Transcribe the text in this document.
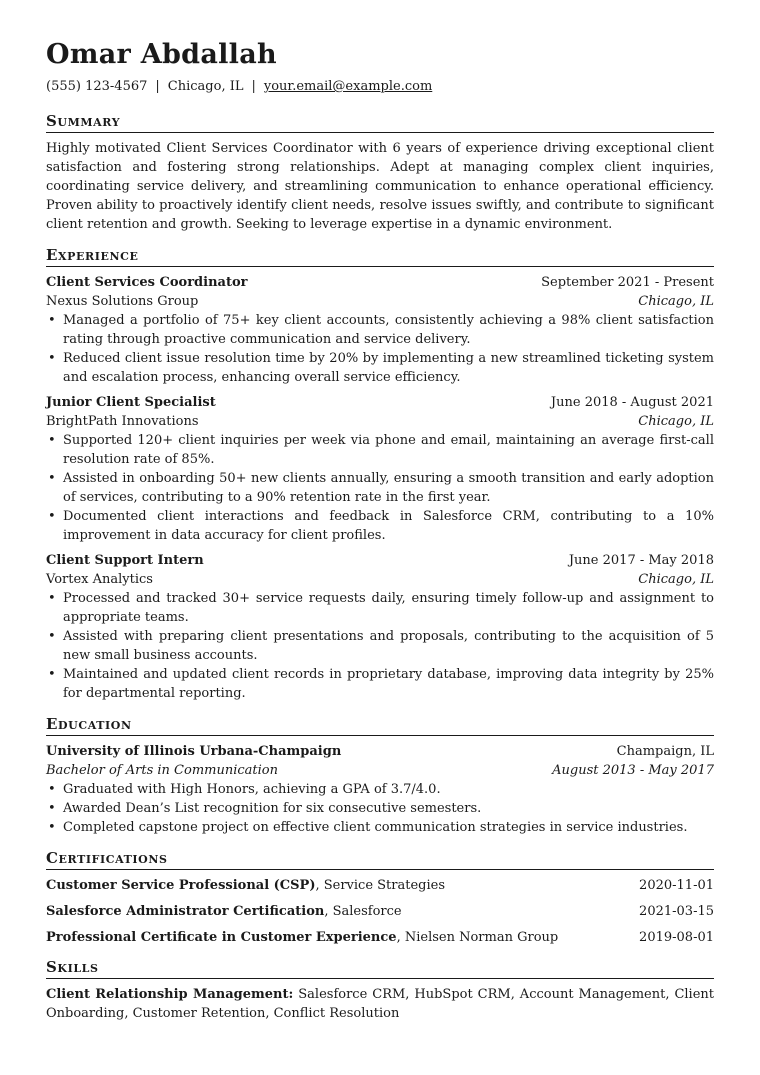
Omar Abdallah
(555) 123-4567 | Chicago, IL | your.email@example.com
Summary

Highly motivated Client Services Coordinator with 6 years of experience driving exceptional client satisfaction and fostering strong relationships. Adept at managing complex client inquiries, coordinating service delivery, and streamlining communication to enhance operational efficiency. Proven ability to proactively identify client needs, resolve issues swiftly, and contribute to significant client retention and growth. Seeking to leverage expertise in a dynamic environment.

Experience
Client Services Coordinator	September 2021 - Present
Nexus Solutions Group	Chicago, IL
• Managed a portfolio of 75+ key client accounts, consistently achieving a 98% client satisfaction rating through proactive communication and service delivery.
• Reduced client issue resolution time by 20% by implementing a new streamlined ticketing system and escalation process, enhancing overall service efficiency.
Junior Client Specialist	June 2018 - August 2021
BrightPath Innovations	Chicago, IL
• Supported 120+ client inquiries per week via phone and email, maintaining an average first-call resolution rate of 85%.
• Assisted in onboarding 50+ new clients annually, ensuring a smooth transition and early adoption of services, contributing to a 90% retention rate in the first year.
• Documented client interactions and feedback in Salesforce CRM, contributing to a 10% improvement in data accuracy for client profiles.
Client Support Intern	June 2017 - May 2018
Vortex Analytics	Chicago, IL
• Processed and tracked 30+ service requests daily, ensuring timely follow-up and assignment to appropriate teams.
• Assisted with preparing client presentations and proposals, contributing to the acquisition of 5 new small business accounts.
• Maintained and updated client records in proprietary database, improving data integrity by 25% for departmental reporting.
Education
University of Illinois Urbana-Champaign	Champaign, IL
Bachelor of Arts in Communication	August 2013 - May 2017
• Graduated with High Honors, achieving a GPA of 3.7/4.0.
• Awarded Dean’s List recognition for six consecutive semesters.
• Completed capstone project on effective client communication strategies in service industries.
Certifications
Customer Service Professional (CSP), Service Strategies	2020-11-01
Salesforce Administrator Certification, Salesforce	2021-03-15
Professional Certificate in Customer Experience, Nielsen Norman Group	2019-08-01
Skills

Client Relationship Management: Salesforce CRM, HubSpot CRM, Account Management, Client Onboarding, Customer Retention, Conflict Resolution
